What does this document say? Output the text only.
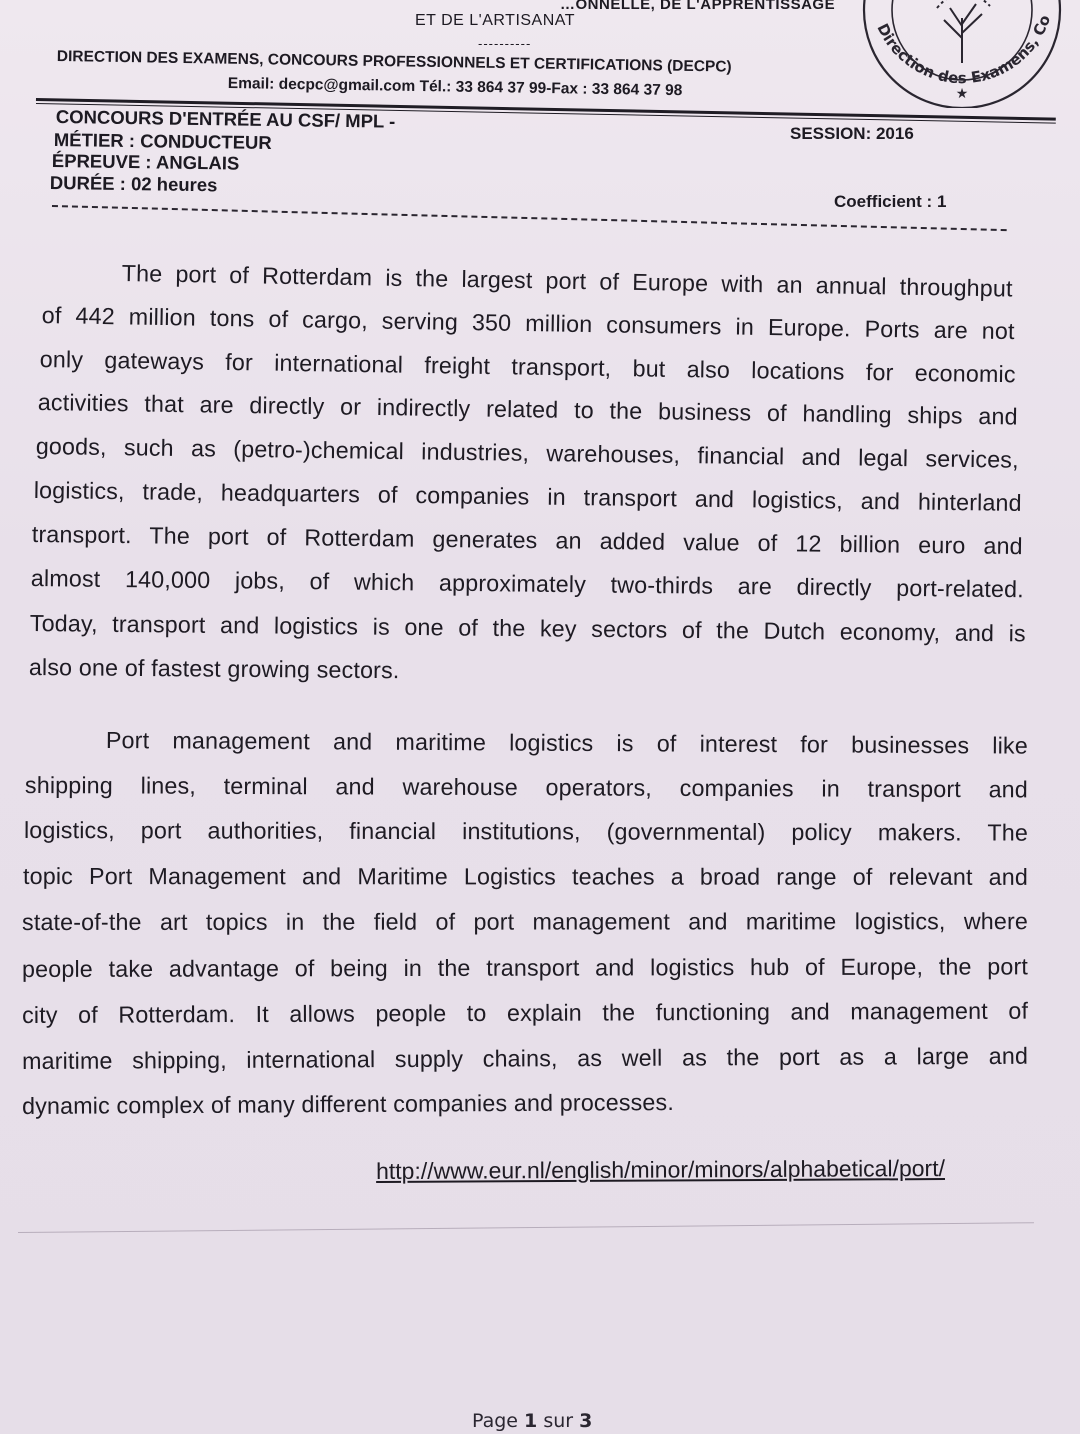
…ONNELLE, DE L'APPRENTISSAGE
ET DE L'ARTISANAT
----------
DIRECTION DES EXAMENS, CONCOURS PROFESSIONNELS ET CERTIFICATIONS (DECPC)
Email: decpc@gmail.com Tél.: 33 864 37 99-Fax : 33 864 37 98
Direction des Examens, Co
★
CONCOURS D'ENTRÉE AU CSF/ MPL -
MÉTIER : CONDUCTEUR
ÉPREUVE : ANGLAIS
DURÉE : 02 heures
SESSION: 2016
Coefficient : 1
The port of Rotterdam is the largest port of Europe with an annual throughput
of 442 million tons of cargo, serving 350 million consumers in Europe. Ports are not
only gateways for international freight transport, but also locations for economic
activities that are directly or indirectly related to the business of handling ships and
goods, such as (petro-)chemical industries, warehouses, financial and legal services,
logistics, trade, headquarters of companies in transport and logistics, and hinterland
transport. The port of Rotterdam generates an added value of 12 billion euro and
almost 140,000 jobs, of which approximately two-thirds are directly port-related.
Today, transport and logistics is one of the key sectors of the Dutch economy, and is
also one of fastest growing sectors.
Port management and maritime logistics is of interest for businesses like
shipping lines, terminal and warehouse operators, companies in transport and
logistics, port authorities, financial institutions, (governmental) policy makers. The
topic Port Management and Maritime Logistics teaches a broad range of relevant and
state-of-the art topics in the field of port management and maritime logistics, where
people take advantage of being in the transport and logistics hub of Europe, the port
city of Rotterdam. It allows people to explain the functioning and management of
maritime shipping, international supply chains, as well as the port as a large and
dynamic complex of many different companies and processes.
http://www.eur.nl/english/minor/minors/alphabetical/port/
Page 1 sur 3
